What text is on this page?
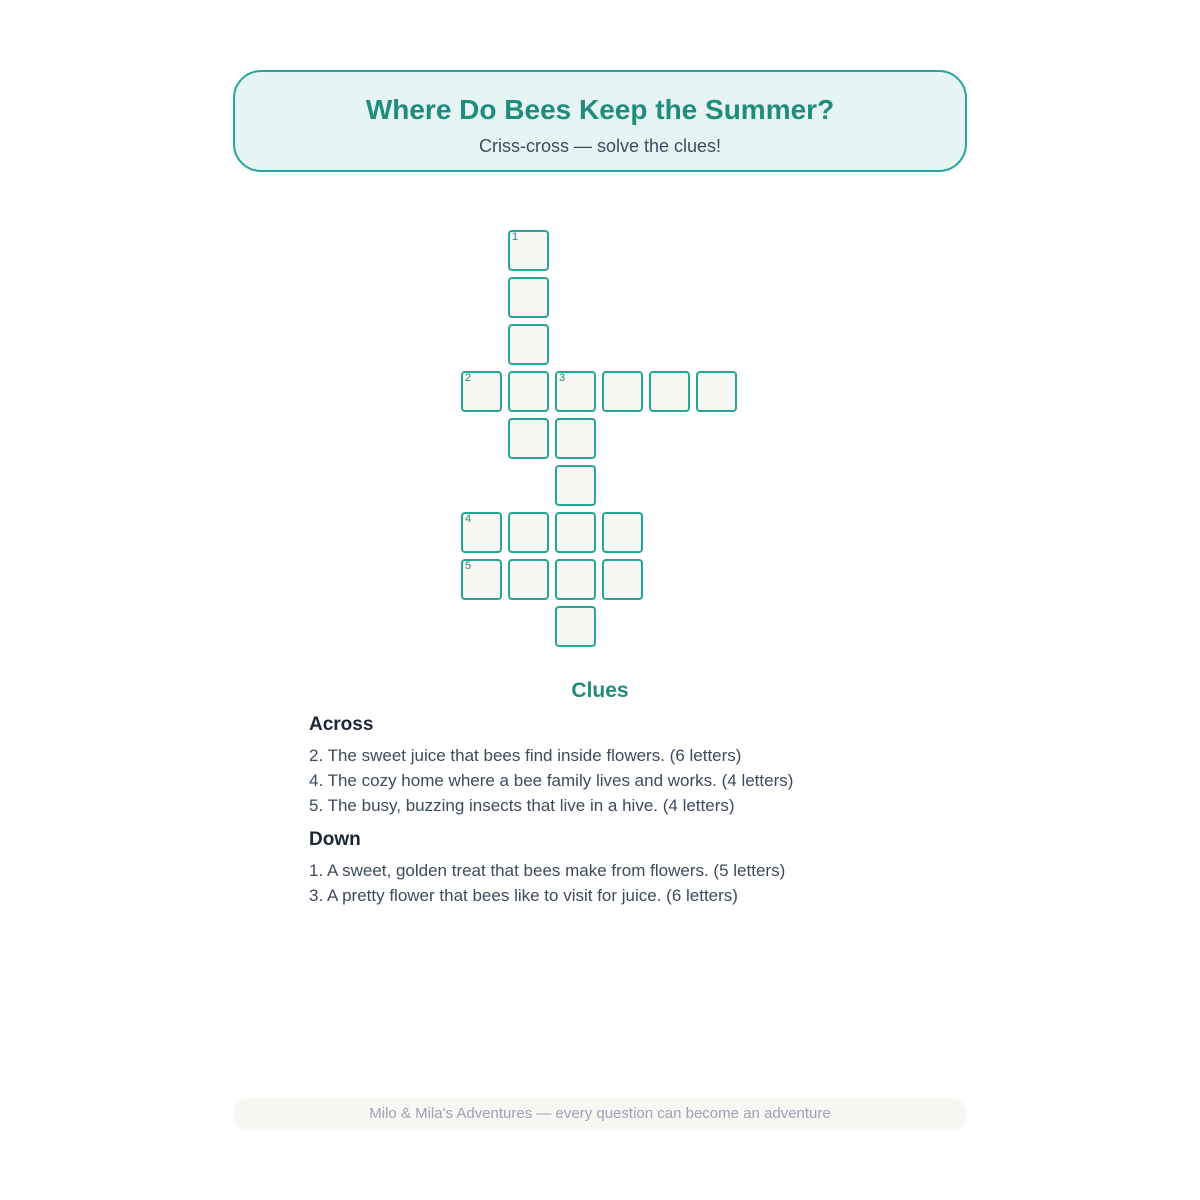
Where Do Bees Keep the Summer?
Criss-cross — solve the clues!
1
2	3
4
5
Clues
Across
2. The sweet juice that bees find inside flowers. (6 letters)
4. The cozy home where a bee family lives and works. (4 letters)
5. The busy, buzzing insects that live in a hive. (4 letters)
Down
1. A sweet, golden treat that bees make from flowers. (5 letters)
3. A pretty flower that bees like to visit for juice. (6 letters)
Milo & Mila's Adventures — every question can become an adventure
